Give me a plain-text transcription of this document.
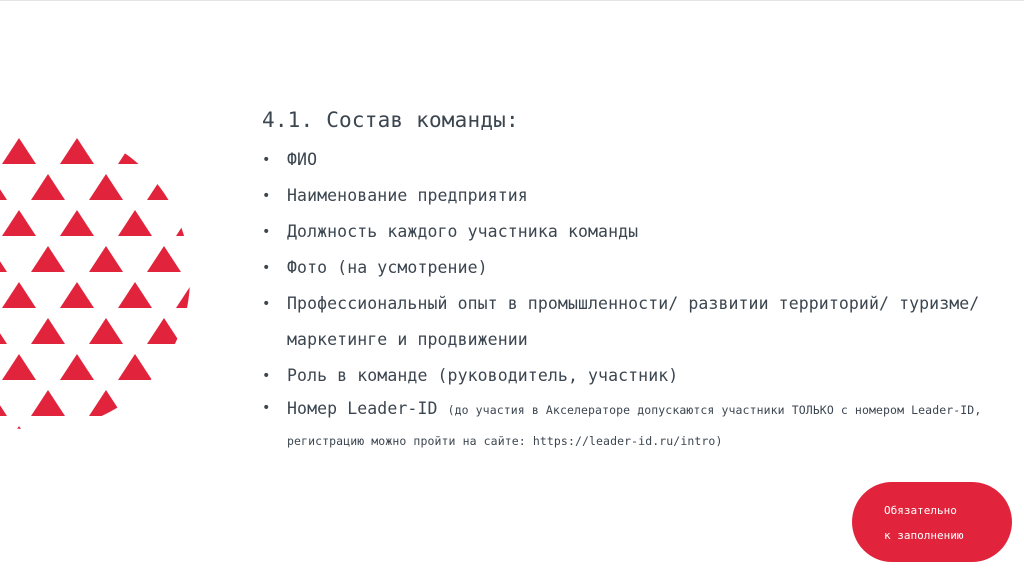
4.1. Состав команды:
• ФИО
• Наименование предприятия
• Должность каждого участника команды
• Фото (на усмотрение)
• Профессиональный опыт в промышленности/ развитии территорий/ туризме/ маркетинге и продвижении
• Роль в команде (руководитель, участник)
• Номер Leader-ID (до участия в Акселераторе допускаются участники ТОЛЬКО с номером Leader-ID, регистрацию можно пройти на сайте: https://leader-id.ru/intro)
Обязательно
к заполнению
